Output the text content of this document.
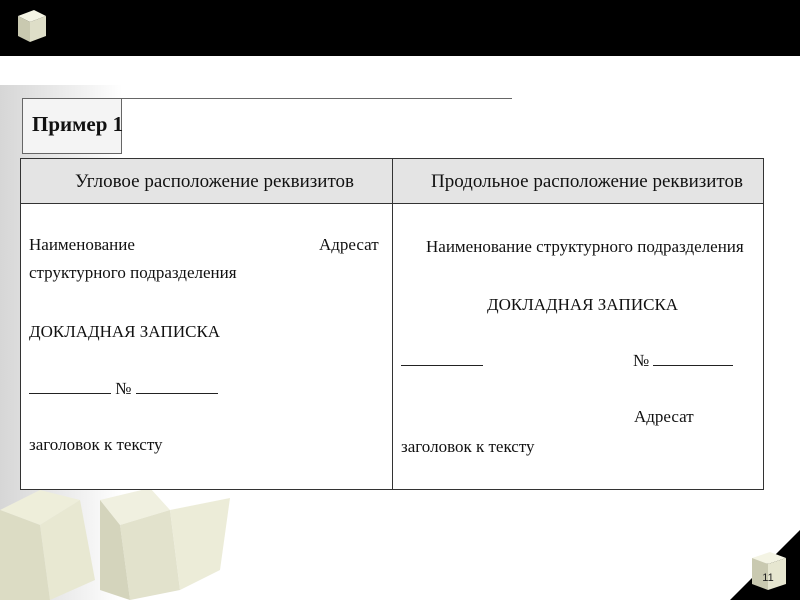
11
Пример 1
Угловое расположение реквизитов	Продольное расположение реквизитов
Наименование	Адресат
структурного подразделения
ДОКЛАДНАЯ ЗАПИСКА
№
заголовок к тексту
Наименование структурного подразделения
ДОКЛАДНАЯ ЗАПИСКА
№
Адресат
заголовок к тексту
